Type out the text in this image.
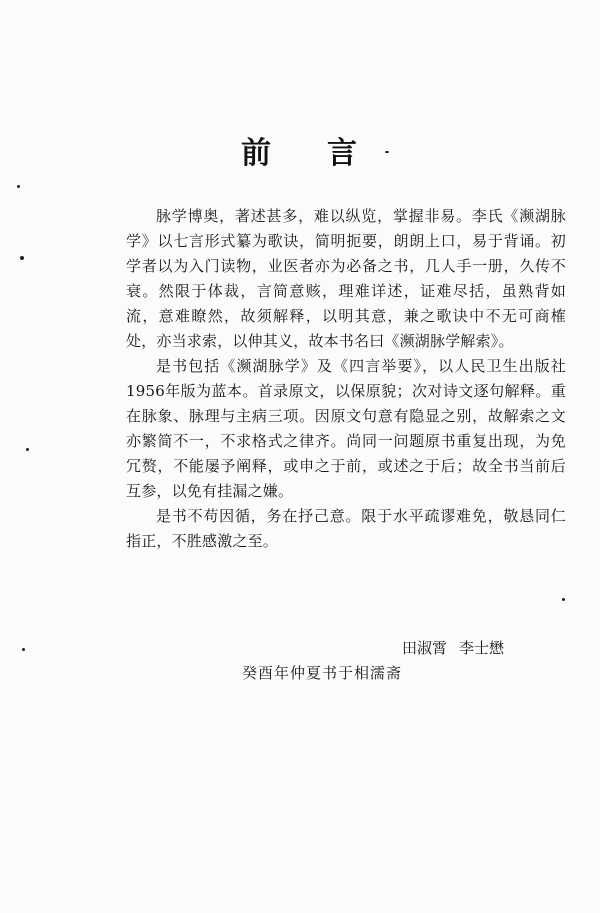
前 言

脉学博奥，著述甚多，难以纵览，掌握非易。李氏《濒湖脉学》以七言形式纂为歌诀，简明扼要，朗朗上口，易于背诵。初学者以为入门读物，业医者亦为必备之书，几人手一册，久传不衰。然限于体裁，言简意赅，理难详述，证难尽括，虽熟背如流，意难瞭然，故须解释，以明其意，兼之歌诀中不无可商榷处，亦当求索，以伸其义，故本书名曰《濒湖脉学解索》。

是书包括《濒湖脉学》及《四言举要》，以人民卫生出版社1956年版为蓝本。首录原文，以保原貌；次对诗文逐句解释。重在脉象、脉理与主病三项。因原文句意有隐显之别，故解索之文亦繁简不一，不求格式之律齐。尚同一问题原书重复出现，为免冗赘，不能屡予阐释，或申之于前，或述之于后；故全书当前后互参，以免有挂漏之嫌。

是书不苟因循，务在抒己意。限于水平疏谬难免，敬恳同仁指正，不胜感激之至。

田淑霄 李士懋
癸酉年仲夏书于相濡斋
